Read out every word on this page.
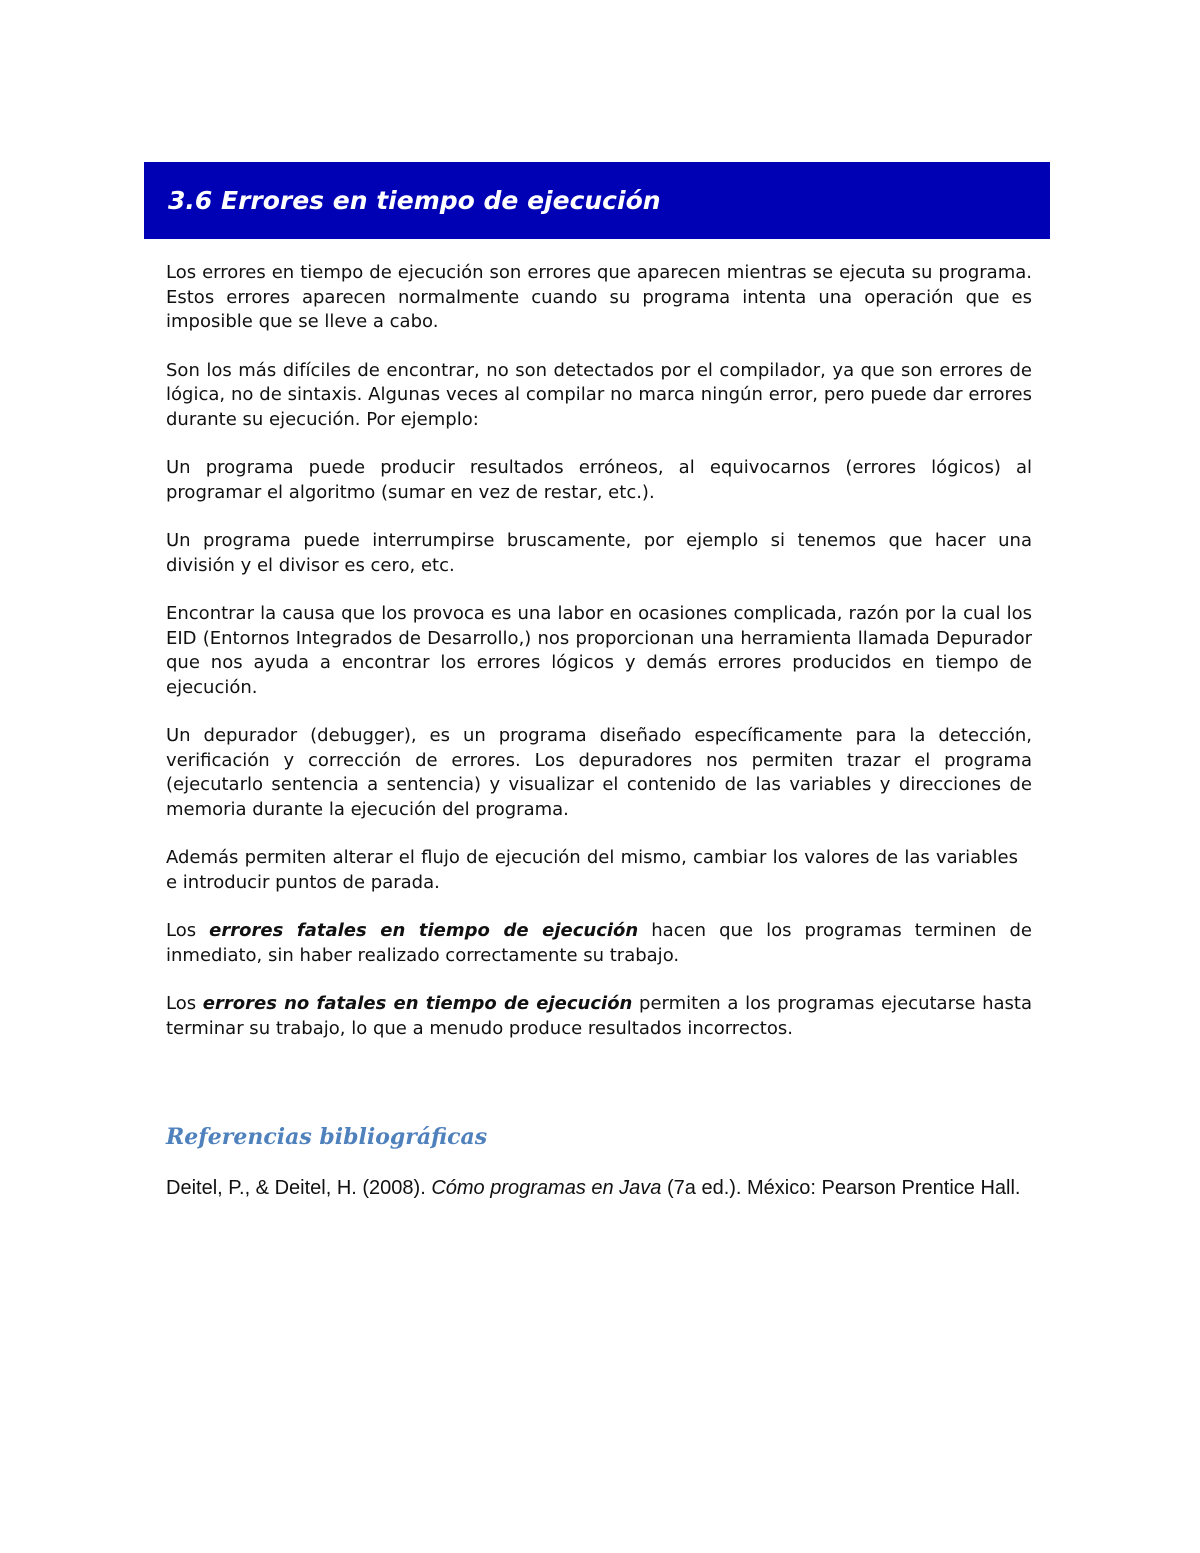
3.6 Errores en tiempo de ejecución

Los errores en tiempo de ejecución son errores que aparecen mientras se ejecuta su programa. Estos errores aparecen normalmente cuando su programa intenta una operación que es imposible que se lleve a cabo.

Son los más difíciles de encontrar, no son detectados por el compilador, ya que son errores de lógica, no de sintaxis. Algunas veces al compilar no marca ningún error, pero puede dar errores durante su ejecución. Por ejemplo:

Un programa puede producir resultados erróneos, al equivocarnos (errores lógicos) al programar el algoritmo (sumar en vez de restar, etc.).

Un programa puede interrumpirse bruscamente, por ejemplo si tenemos que hacer una división y el divisor es cero, etc.

Encontrar la causa que los provoca es una labor en ocasiones complicada, razón por la cual los EID (Entornos Integrados de Desarrollo,) nos proporcionan una herramienta llamada Depurador que nos ayuda a encontrar los errores lógicos y demás errores producidos en tiempo de ejecución.

Un depurador (debugger), es un programa diseñado específicamente para la detección, verificación y corrección de errores. Los depuradores nos permiten trazar el programa (ejecutarlo sentencia a sentencia) y visualizar el contenido de las variables y direcciones de memoria durante la ejecución del programa.

Además permiten alterar el flujo de ejecución del mismo, cambiar los valores de las variables e introducir puntos de parada.

Los errores fatales en tiempo de ejecución hacen que los programas terminen de inmediato, sin haber realizado correctamente su trabajo.

Los errores no fatales en tiempo de ejecución permiten a los programas ejecutarse hasta terminar su trabajo, lo que a menudo produce resultados incorrectos.

Referencias bibliográficas

Deitel, P., & Deitel, H. (2008). Cómo programas en Java (7a ed.). México: Pearson Prentice Hall.
